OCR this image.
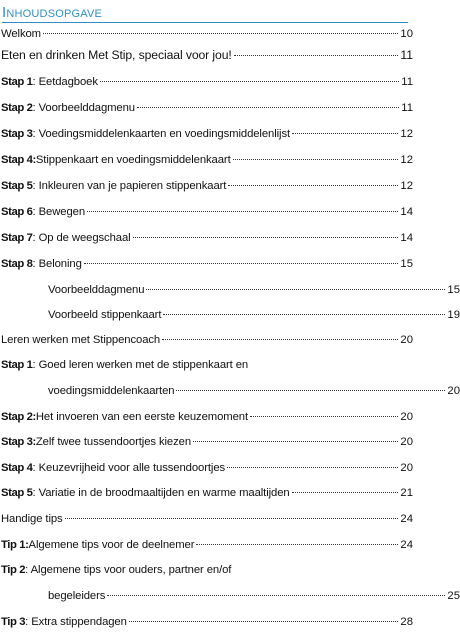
Inhoudsopgave
Welkom	10
Eten en drinken Met Stip, speciaal voor jou!	11
Stap 1 : Eetdagboek	11
Stap 2 : Voorbeelddagmenu	11
Stap 3 : Voedingsmiddelenkaarten en voedingsmiddelenlijst	12
Stap 4: Stippenkaart en voedingsmiddelenkaart	12
Stap 5 : Inkleuren van je papieren stippenkaart	12
Stap 6 : Bewegen	14
Stap 7 : Op de weegschaal	14
Stap 8 : Beloning	15
Voorbeelddagmenu	15
Voorbeeld stippenkaart	19
Leren werken met Stippencoach	20
Stap 1: Goed leren werken met de stippenkaart en
voedingsmiddelenkaarten	20
Stap 2: Het invoeren van een eerste keuzemoment	20
Stap 3: Zelf twee tussendoortjes kiezen	20
Stap 4 : Keuzevrijheid voor alle tussendoortjes	20
Stap 5 : Variatie in de broodmaaltijden en warme maaltijden	21
Handige tips	24
Tip 1: Algemene tips voor de deelnemer	24
Tip 2: Algemene tips voor ouders, partner en/of
begeleiders	25
Tip 3 : Extra stippendagen	28
